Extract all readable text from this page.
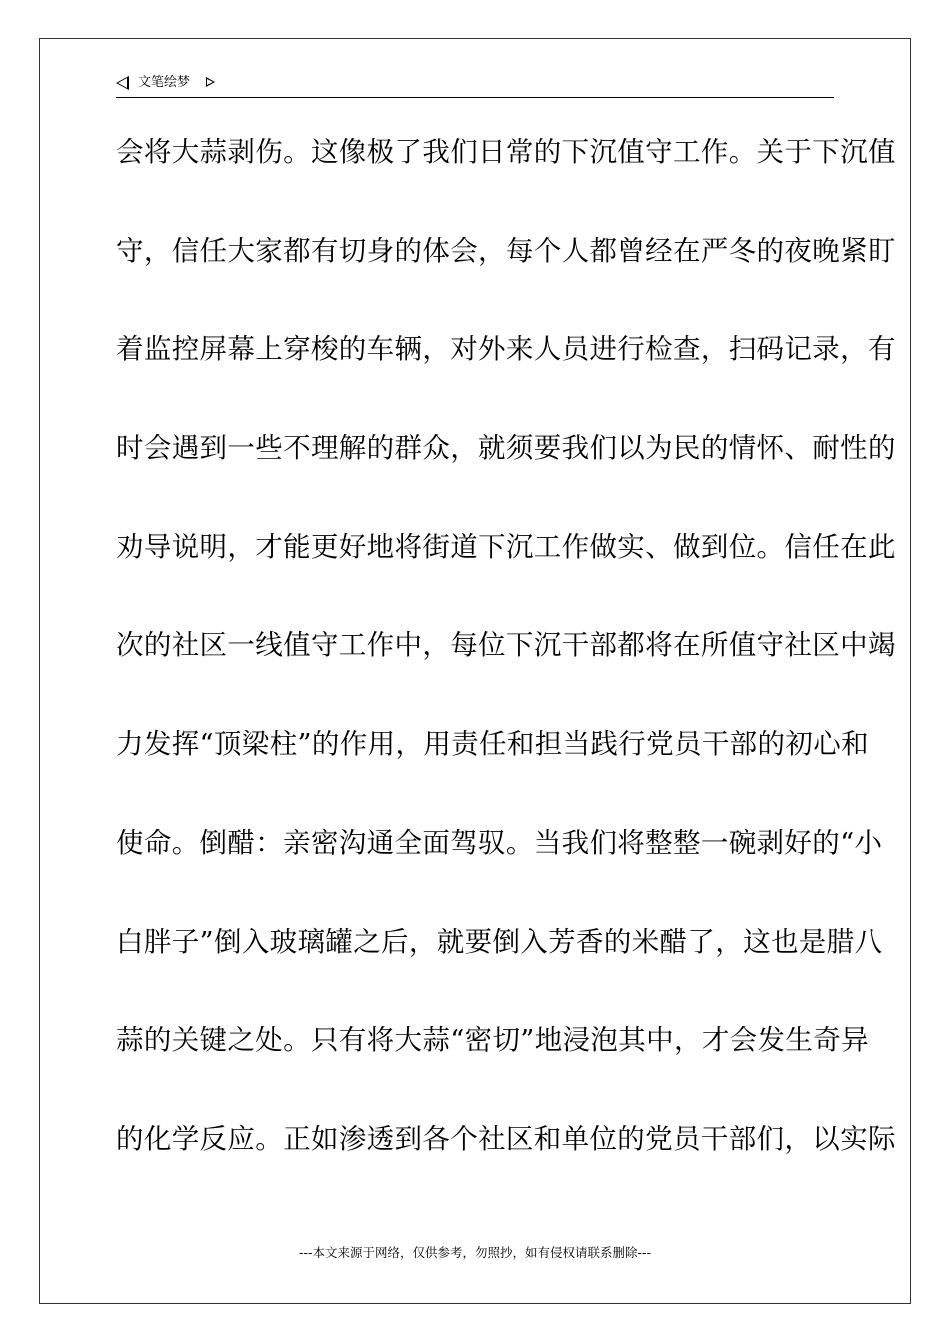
文笔绘梦
会将大蒜剥伤。这像极了我们日常的下沉值守工作。关于下沉值
守，信任大家都有切身的体会，每个人都曾经在严冬的夜晚紧盯
着监控屏幕上穿梭的车辆，对外来人员进行检查，扫码记录，有
时会遇到一些不理解的群众，就须要我们以为民的情怀、耐性的
劝导说明，才能更好地将街道下沉工作做实、做到位。信任在此
次的社区一线值守工作中，每位下沉干部都将在所值守社区中竭
力发挥“顶梁柱”的作用，用责任和担当践行党员干部的初心和
使命。倒醋：亲密沟通全面驾驭。当我们将整整一碗剥好的“小
白胖子”倒入玻璃罐之后，就要倒入芳香的米醋了，这也是腊八
蒜的关键之处。只有将大蒜“密切”地浸泡其中，才会发生奇异
的化学反应。正如渗透到各个社区和单位的党员干部们，以实际
---本文来源于网络，仅供参考，勿照抄，如有侵权请联系删除---
